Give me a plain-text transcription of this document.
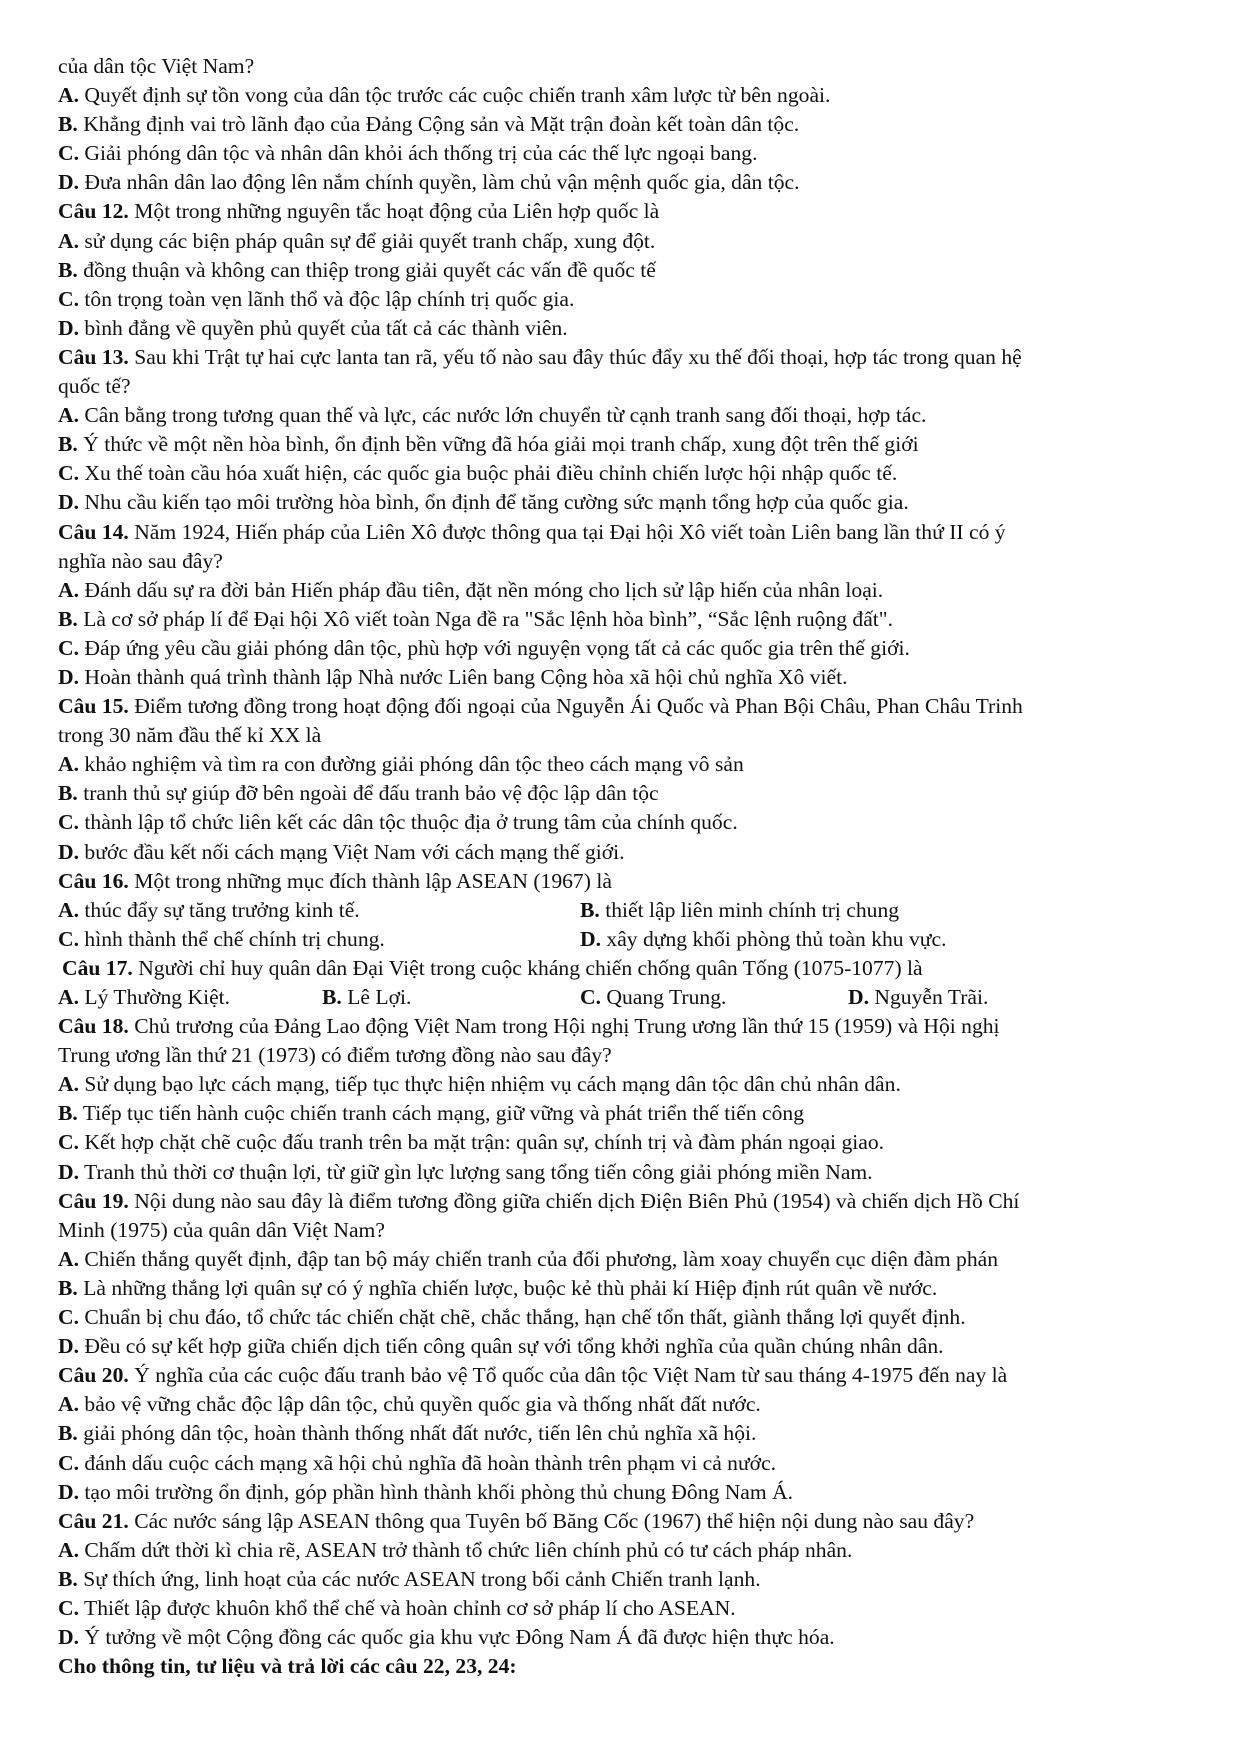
của dân tộc Việt Nam?
A. Quyết định sự tồn vong của dân tộc trước các cuộc chiến tranh xâm lược từ bên ngoài.
B. Khẳng định vai trò lãnh đạo của Đảng Cộng sản và Mặt trận đoàn kết toàn dân tộc.
C. Giải phóng dân tộc và nhân dân khỏi ách thống trị của các thế lực ngoại bang.
D. Đưa nhân dân lao động lên nắm chính quyền, làm chủ vận mệnh quốc gia, dân tộc.
Câu 12. Một trong những nguyên tắc hoạt động của Liên hợp quốc là
A. sử dụng các biện pháp quân sự để giải quyết tranh chấp, xung đột.
B. đồng thuận và không can thiệp trong giải quyết các vấn đề quốc tế
C. tôn trọng toàn vẹn lãnh thổ và độc lập chính trị quốc gia.
D. bình đẳng về quyền phủ quyết của tất cả các thành viên.
Câu 13. Sau khi Trật tự hai cực lanta tan rã, yếu tố nào sau đây thúc đẩy xu thế đối thoại, hợp tác trong quan hệ
quốc tế?
A. Cân bằng trong tương quan thế và lực, các nước lớn chuyển từ cạnh tranh sang đối thoại, hợp tác.
B. Ý thức về một nền hòa bình, ổn định bền vững đã hóa giải mọi tranh chấp, xung đột trên thế giới
C. Xu thế toàn cầu hóa xuất hiện, các quốc gia buộc phải điều chỉnh chiến lược hội nhập quốc tế.
D. Nhu cầu kiến tạo môi trường hòa bình, ổn định để tăng cường sức mạnh tổng hợp của quốc gia.
Câu 14. Năm 1924, Hiến pháp của Liên Xô được thông qua tại Đại hội Xô viết toàn Liên bang lần thứ II có ý
nghĩa nào sau đây?
A. Đánh dấu sự ra đời bản Hiến pháp đầu tiên, đặt nền móng cho lịch sử lập hiến của nhân loại.
B. Là cơ sở pháp lí để Đại hội Xô viết toàn Nga đề ra "Sắc lệnh hòa bình”, “Sắc lệnh ruộng đất".
C. Đáp ứng yêu cầu giải phóng dân tộc, phù hợp với nguyện vọng tất cả các quốc gia trên thế giới.
D. Hoàn thành quá trình thành lập Nhà nước Liên bang Cộng hòa xã hội chủ nghĩa Xô viết.
Câu 15. Điểm tương đồng trong hoạt động đối ngoại của Nguyễn Ái Quốc và Phan Bội Châu, Phan Châu Trinh
trong 30 năm đầu thế kỉ XX là
A. khảo nghiệm và tìm ra con đường giải phóng dân tộc theo cách mạng vô sản
B. tranh thủ sự giúp đỡ bên ngoài để đấu tranh bảo vệ độc lập dân tộc
C. thành lập tổ chức liên kết các dân tộc thuộc địa ở trung tâm của chính quốc.
D. bước đầu kết nối cách mạng Việt Nam với cách mạng thế giới.
Câu 16. Một trong những mục đích thành lập ASEAN (1967) là
A. thúc đẩy sự tăng trưởng kinh tế.	B. thiết lập liên minh chính trị chung
C. hình thành thể chế chính trị chung.	D. xây dựng khối phòng thủ toàn khu vực.
Câu 17. Người chỉ huy quân dân Đại Việt trong cuộc kháng chiến chống quân Tống (1075-1077) là
A. Lý Thường Kiệt.	B. Lê Lợi.	C. Quang Trung.	D. Nguyễn Trãi.
Câu 18. Chủ trương của Đảng Lao động Việt Nam trong Hội nghị Trung ương lần thứ 15 (1959) và Hội nghị
Trung ương lần thứ 21 (1973) có điểm tương đồng nào sau đây?
A. Sử dụng bạo lực cách mạng, tiếp tục thực hiện nhiệm vụ cách mạng dân tộc dân chủ nhân dân.
B. Tiếp tục tiến hành cuộc chiến tranh cách mạng, giữ vững và phát triển thế tiến công
C. Kết hợp chặt chẽ cuộc đấu tranh trên ba mặt trận: quân sự, chính trị và đàm phán ngoại giao.
D. Tranh thủ thời cơ thuận lợi, từ giữ gìn lực lượng sang tổng tiến công giải phóng miền Nam.
Câu 19. Nội dung nào sau đây là điểm tương đồng giữa chiến dịch Điện Biên Phủ (1954) và chiến dịch Hồ Chí
Minh (1975) của quân dân Việt Nam?
A. Chiến thắng quyết định, đập tan bộ máy chiến tranh của đối phương, làm xoay chuyển cục diện đàm phán
B. Là những thắng lợi quân sự có ý nghĩa chiến lược, buộc kẻ thù phải kí Hiệp định rút quân về nước.
C. Chuẩn bị chu đáo, tổ chức tác chiến chặt chẽ, chắc thắng, hạn chế tổn thất, giành thắng lợi quyết định.
D. Đều có sự kết hợp giữa chiến dịch tiến công quân sự với tổng khởi nghĩa của quần chúng nhân dân.
Câu 20. Ý nghĩa của các cuộc đấu tranh bảo vệ Tổ quốc của dân tộc Việt Nam từ sau tháng 4-1975 đến nay là
A. bảo vệ vững chắc độc lập dân tộc, chủ quyền quốc gia và thống nhất đất nước.
B. giải phóng dân tộc, hoàn thành thống nhất đất nước, tiến lên chủ nghĩa xã hội.
C. đánh dấu cuộc cách mạng xã hội chủ nghĩa đã hoàn thành trên phạm vi cả nước.
D. tạo môi trường ổn định, góp phần hình thành khối phòng thủ chung Đông Nam Á.
Câu 21. Các nước sáng lập ASEAN thông qua Tuyên bố Băng Cốc (1967) thể hiện nội dung nào sau đây?
A. Chấm dứt thời kì chia rẽ, ASEAN trở thành tổ chức liên chính phủ có tư cách pháp nhân.
B. Sự thích ứng, linh hoạt của các nước ASEAN trong bối cảnh Chiến tranh lạnh.
C. Thiết lập được khuôn khổ thể chế và hoàn chỉnh cơ sở pháp lí cho ASEAN.
D. Ý tưởng về một Cộng đồng các quốc gia khu vực Đông Nam Á đã được hiện thực hóa.
Cho thông tin, tư liệu và trả lời các câu 22, 23, 24:
